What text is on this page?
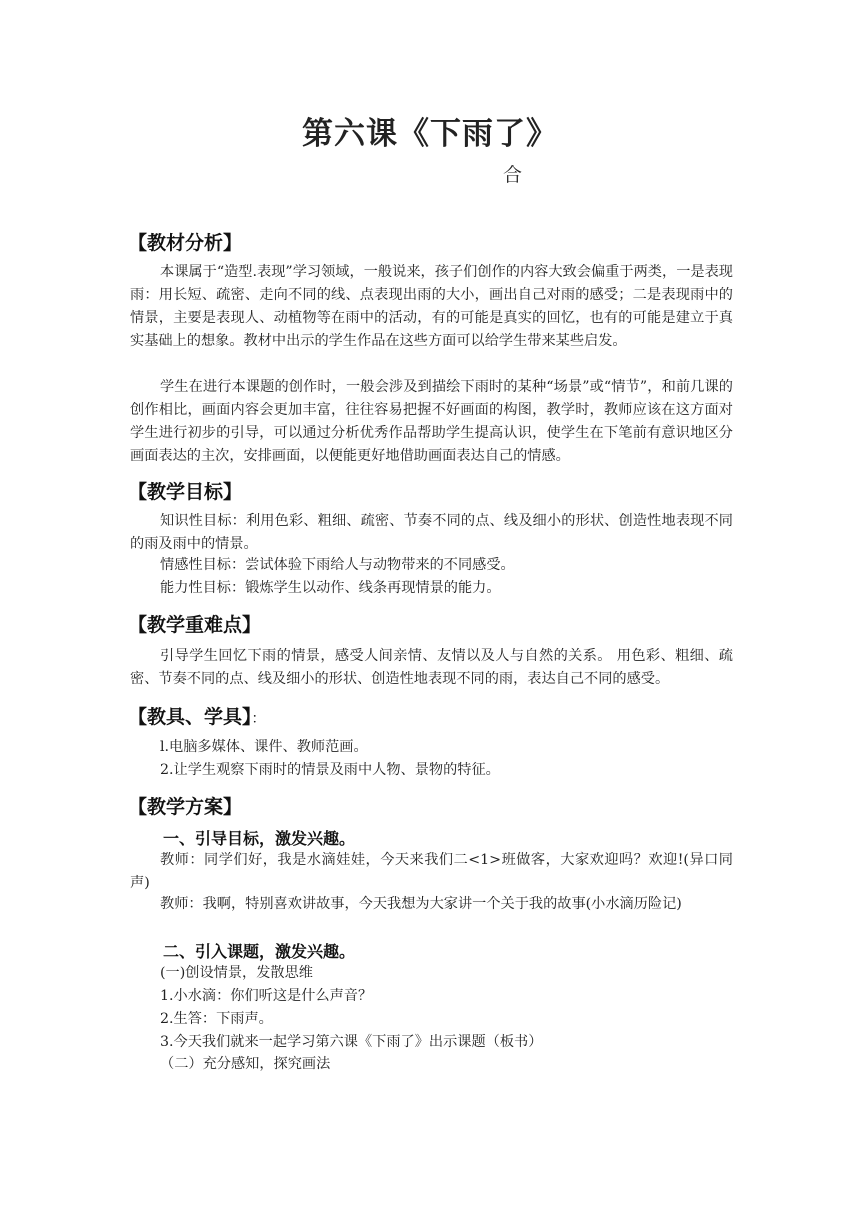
第六课《下雨了》
合
【教材分析】
本课属于“造型.表现”学习领域，一般说来，孩子们创作的内容大致会偏重于两类，一是表现雨：用长短、疏密、走向不同的线、点表现出雨的大小，画出自己对雨的感受；二是表现雨中的情景，主要是表现人、动植物等在雨中的活动，有的可能是真实的回忆，也有的可能是建立于真实基础上的想象。教材中出示的学生作品在这些方面可以给学生带来某些启发。
学生在进行本课题的创作时，一般会涉及到描绘下雨时的某种“场景”或“情节”，和前几课的创作相比，画面内容会更加丰富，往往容易把握不好画面的构图，教学时，教师应该在这方面对学生进行初步的引导，可以通过分析优秀作品帮助学生提高认识，使学生在下笔前有意识地区分画面表达的主次，安排画面，以便能更好地借助画面表达自己的情感。
【教学目标】
知识性目标：利用色彩、粗细、疏密、节奏不同的点、线及细小的形状、创造性地表现不同的雨及雨中的情景。
情感性目标：尝试体验下雨给人与动物带来的不同感受。
能力性目标：锻炼学生以动作、线条再现情景的能力。
【教学重难点】
引导学生回忆下雨的情景，感受人间亲情、友情以及人与自然的关系。 用色彩、粗细、疏密、节奏不同的点、线及细小的形状、创造性地表现不同的雨，表达自己不同的感受。
【教具、学具】：
l.电脑多媒体、课件、教师范画。
2.让学生观察下雨时的情景及雨中人物、景物的特征。
【教学方案】
一、引导目标，激发兴趣。
教师：同学们好，我是水滴娃娃，今天来我们二<1>班做客，大家欢迎吗？欢迎!(异口同声)
教师：我啊，特别喜欢讲故事，今天我想为大家讲一个关于我的故事(小水滴历险记)
二、引入课题，激发兴趣。
(一)创设情景，发散思维
1.小水滴：你们听这是什么声音？
2.生答：下雨声。
3.今天我们就来一起学习第六课《下雨了》出示课题（板书）
（二）充分感知，探究画法
